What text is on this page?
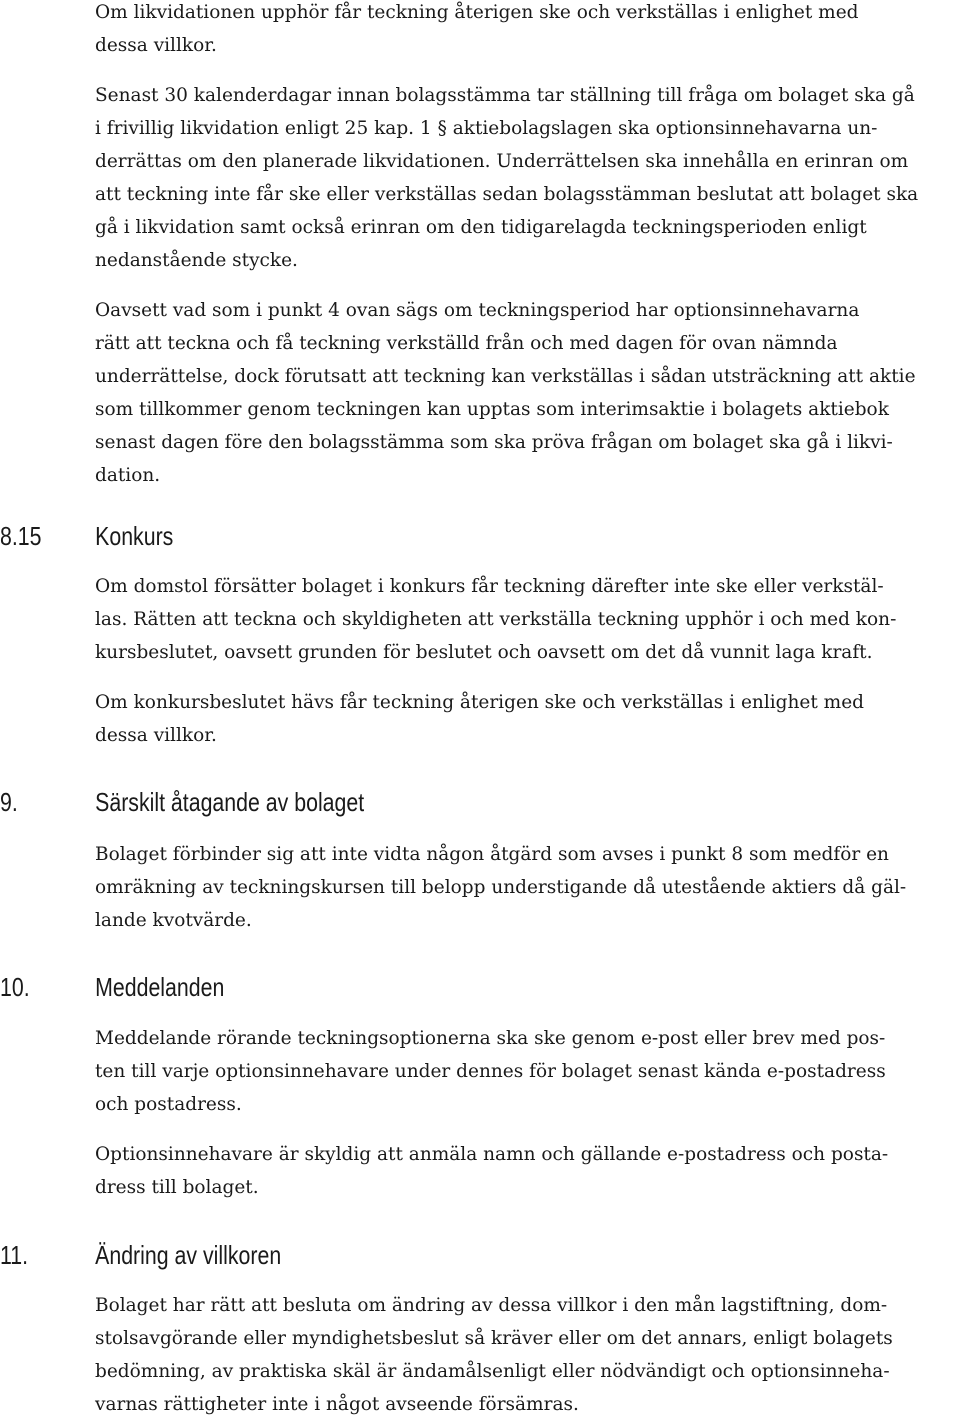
Om likvidationen upphör får teckning återigen ske och verkställas i enlighet med
dessa villkor.
Senast 30 kalenderdagar innan bolagsstämma tar ställning till fråga om bolaget ska gå
i frivillig likvidation enligt 25 kap. 1 § aktiebolagslagen ska optionsinnehavarna un-
derrättas om den planerade likvidationen. Underrättelsen ska innehålla en erinran om
att teckning inte får ske eller verkställas sedan bolagsstämman beslutat att bolaget ska
gå i likvidation samt också erinran om den tidigarelagda teckningsperioden enligt
nedanstående stycke.
Oavsett vad som i punkt 4 ovan sägs om teckningsperiod har optionsinnehavarna
rätt att teckna och få teckning verkställd från och med dagen för ovan nämnda
underrättelse, dock förutsatt att teckning kan verkställas i sådan utsträckning att aktie
som tillkommer genom teckningen kan upptas som interimsaktie i bolagets aktiebok
senast dagen före den bolagsstämma som ska pröva frågan om bolaget ska gå i likvi-
dation.
8.15 Konkurs
Om domstol försätter bolaget i konkurs får teckning därefter inte ske eller verkstäl-
las. Rätten att teckna och skyldigheten att verkställa teckning upphör i och med kon-
kursbeslutet, oavsett grunden för beslutet och oavsett om det då vunnit laga kraft.
Om konkursbeslutet hävs får teckning återigen ske och verkställas i enlighet med
dessa villkor.
9.	Särskilt åtagande av bolaget
Bolaget förbinder sig att inte vidta någon åtgärd som avses i punkt 8 som medför en
omräkning av teckningskursen till belopp understigande då utestående aktiers då gäl-
lande kvotvärde.
10.	Meddelanden
Meddelande rörande teckningsoptionerna ska ske genom e-post eller brev med pos-
ten till varje optionsinnehavare under dennes för bolaget senast kända e-postadress
och postadress.
Optionsinnehavare är skyldig att anmäla namn och gällande e-postadress och posta-
dress till bolaget.
11.	Ändring av villkoren
Bolaget har rätt att besluta om ändring av dessa villkor i den mån lagstiftning, dom-
stolsavgörande eller myndighetsbeslut så kräver eller om det annars, enligt bolagets
bedömning, av praktiska skäl är ändamålsenligt eller nödvändigt och optionsinneha-
varnas rättigheter inte i något avseende försämras.
